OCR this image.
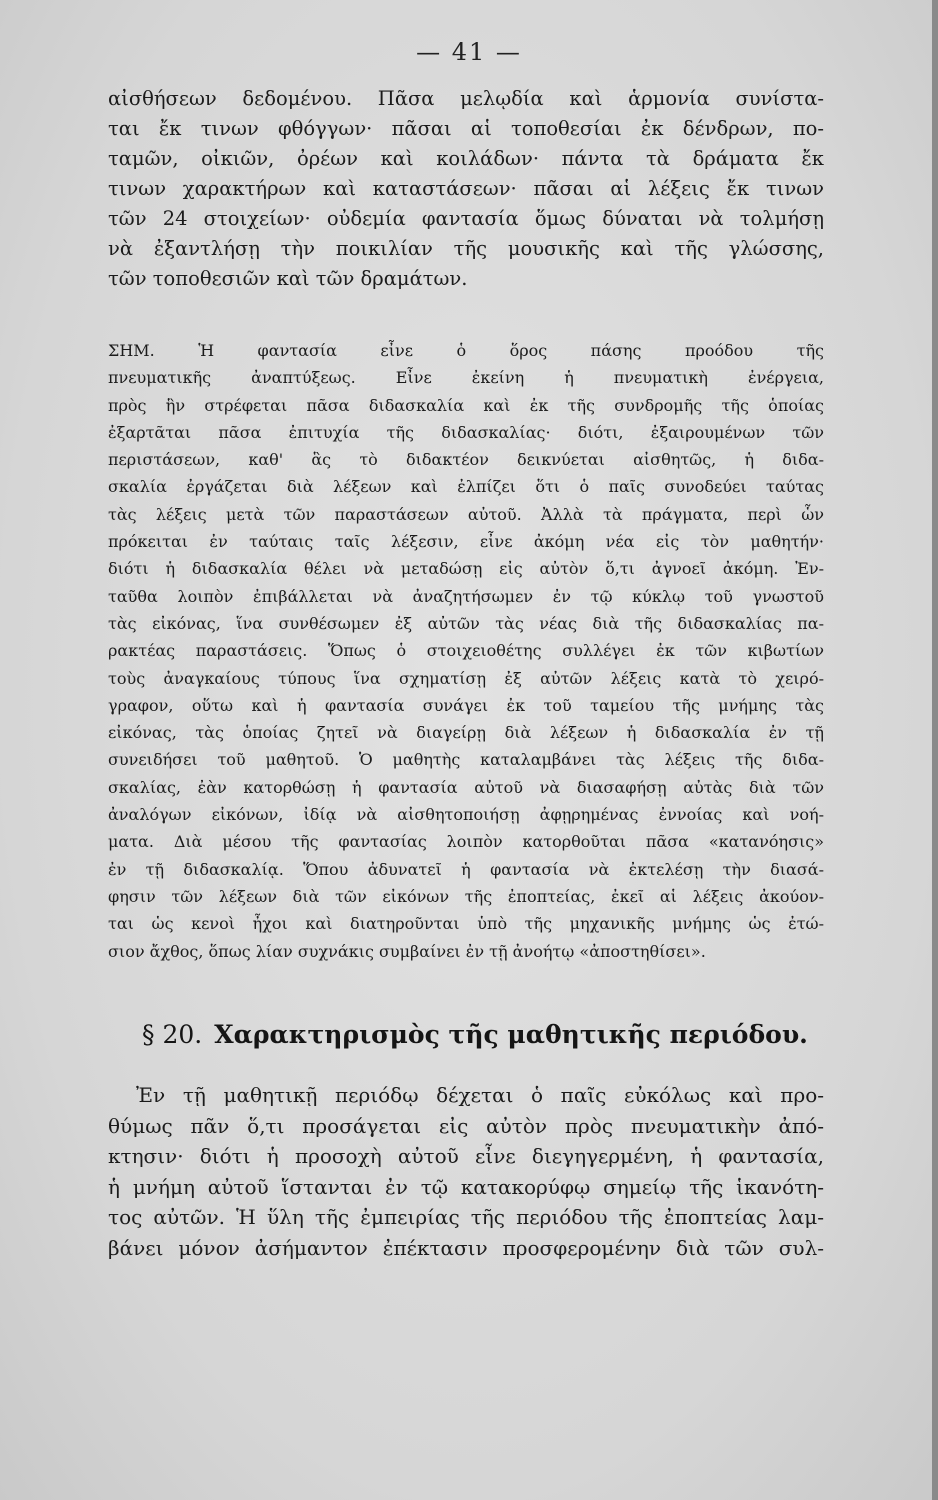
— 41 —
αἰσθήσεων δεδομένου. Πᾶσα μελῳδία καὶ ἁρμονία συνίστα-
ται ἔκ τινων φθόγγων· πᾶσαι αἱ τοποθεσίαι ἐκ δένδρων, πο-
ταμῶν, οἰκιῶν, ὀρέων καὶ κοιλάδων· πάντα τὰ δράματα ἔκ
τινων χαρακτήρων καὶ καταστάσεων· πᾶσαι αἱ λέξεις ἔκ τινων
τῶν 24 στοιχείων· οὐδεμία φαντασία ὅμως δύναται νὰ τολμήσῃ
νὰ ἐξαντλήσῃ τὴν ποικιλίαν τῆς μουσικῆς καὶ τῆς γλώσσης,
τῶν τοποθεσιῶν καὶ τῶν δραμάτων.
ΣΗΜ. Ἡ φαντασία εἶνε ὁ ὅρος πάσης προόδου τῆς
πνευματικῆς ἀναπτύξεως. Εἶνε ἐκείνη ἡ πνευματικὴ ἐνέργεια,
πρὸς ἣν στρέφεται πᾶσα διδασκαλία καὶ ἐκ τῆς συνδρομῆς τῆς ὁποίας
ἐξαρτᾶται πᾶσα ἐπιτυχία τῆς διδασκαλίας· διότι, ἐξαιρουμένων τῶν
περιστάσεων, καθ' ἃς τὸ διδακτέον δεικνύεται αἰσθητῶς, ἡ διδα-
σκαλία ἐργάζεται διὰ λέξεων καὶ ἐλπίζει ὅτι ὁ παῖς συνοδεύει ταύτας
τὰς λέξεις μετὰ τῶν παραστάσεων αὐτοῦ. Ἀλλὰ τὰ πράγματα, περὶ ὧν
πρόκειται ἐν ταύταις ταῖς λέξεσιν, εἶνε ἀκόμη νέα εἰς τὸν μαθητήν·
διότι ἡ διδασκαλία θέλει νὰ μεταδώσῃ εἰς αὐτὸν ὅ,τι ἀγνοεῖ ἀκόμη. Ἐν-
ταῦθα λοιπὸν ἐπιβάλλεται νὰ ἀναζητήσωμεν ἐν τῷ κύκλῳ τοῦ γνωστοῦ
τὰς εἰκόνας, ἵνα συνθέσωμεν ἐξ αὐτῶν τὰς νέας διὰ τῆς διδασκαλίας πα-
ρακτέας παραστάσεις. Ὅπως ὁ στοιχειοθέτης συλλέγει ἐκ τῶν κιβωτίων
τοὺς ἀναγκαίους τύπους ἵνα σχηματίσῃ ἐξ αὐτῶν λέξεις κατὰ τὸ χειρό-
γραφον, οὕτω καὶ ἡ φαντασία συνάγει ἐκ τοῦ ταμείου τῆς μνήμης τὰς
εἰκόνας, τὰς ὁποίας ζητεῖ νὰ διαγείρῃ διὰ λέξεων ἡ διδασκαλία ἐν τῇ
συνειδήσει τοῦ μαθητοῦ. Ὁ μαθητὴς καταλαμβάνει τὰς λέξεις τῆς διδα-
σκαλίας, ἐὰν κατορθώσῃ ἡ φαντασία αὐτοῦ νὰ διασαφήσῃ αὐτὰς διὰ τῶν
ἀναλόγων εἰκόνων, ἰδίᾳ νὰ αἰσθητοποιήσῃ ἀφῃρημένας ἐννοίας καὶ νοή-
ματα. Διὰ μέσου τῆς φαντασίας λοιπὸν κατορθοῦται πᾶσα «κατανόησις»
ἐν τῇ διδασκαλίᾳ. Ὅπου ἀδυνατεῖ ἡ φαντασία νὰ ἐκτελέσῃ τὴν διασά-
φησιν τῶν λέξεων διὰ τῶν εἰκόνων τῆς ἐποπτείας, ἐκεῖ αἱ λέξεις ἀκούον-
ται ὡς κενοὶ ἦχοι καὶ διατηροῦνται ὑπὸ τῆς μηχανικῆς μνήμης ὡς ἐτώ-
σιον ἄχθος, ὅπως λίαν συχνάκις συμβαίνει ἐν τῇ ἀνοήτῳ «ἀποστηθίσει».
§ 20. Χαρακτηρισμὸς τῆς μαθητικῆς περιόδου.
Ἐν τῇ μαθητικῇ περιόδῳ δέχεται ὁ παῖς εὐκόλως καὶ προ-
θύμως πᾶν ὅ,τι προσάγεται εἰς αὐτὸν πρὸς πνευματικὴν ἀπό-
κτησιν· διότι ἡ προσοχὴ αὐτοῦ εἶνε διεγηγερμένη, ἡ φαντασία,
ἡ μνήμη αὐτοῦ ἵστανται ἐν τῷ κατακορύφῳ σημείῳ τῆς ἱκανότη-
τος αὐτῶν. Ἡ ὕλη τῆς ἐμπειρίας τῆς περιόδου τῆς ἐποπτείας λαμ-
βάνει μόνον ἀσήμαντον ἐπέκτασιν προσφερομένην διὰ τῶν συλ-
